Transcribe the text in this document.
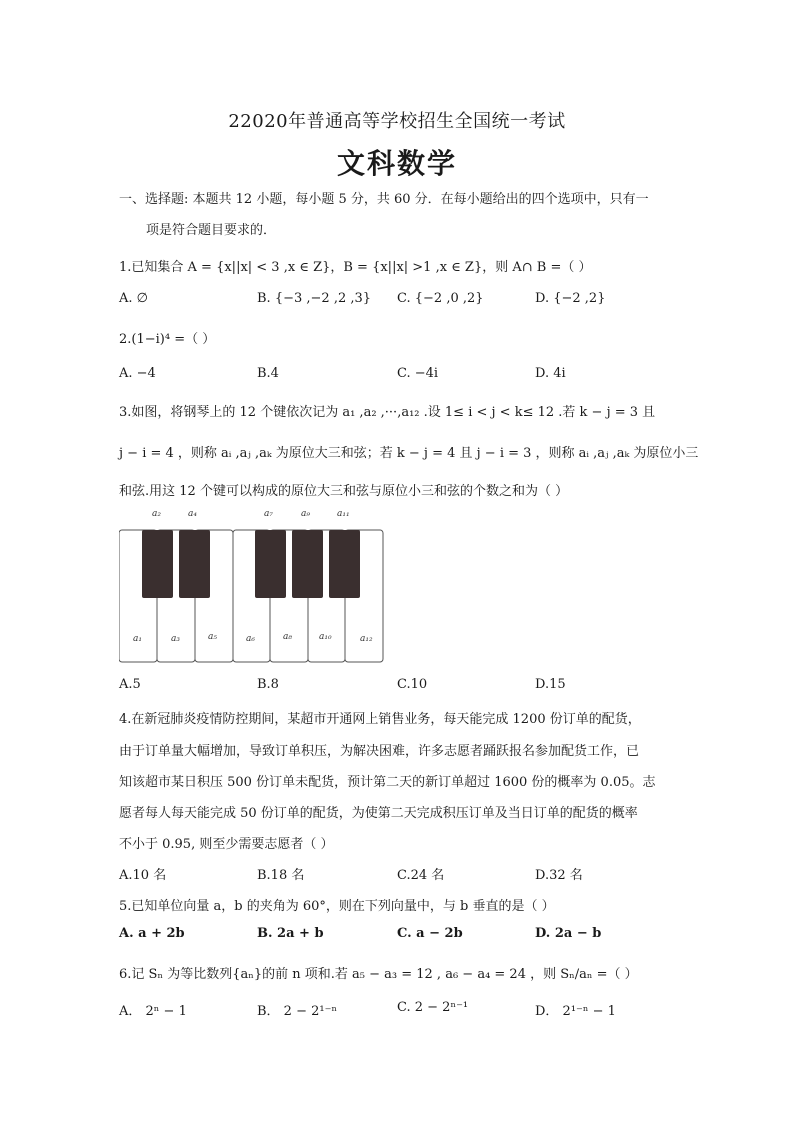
22020年普通高等学校招生全国统一考试
文科数学
一、选择题: 本题共 12 小题，每小题 5 分，共 60 分．在每小题给出的四个选项中，只有一
项是符合题目要求的．
1.已知集合 A = {x||x| < 3 ,x ∈ Z}，B = {x||x| >1 ,x ∈ Z}，则 A∩ B =（ ）
A. ∅	B. {−3 ,−2 ,2 ,3} C. {−2 ,0 ,2}	D. {−2 ,2}
2.(1−i)⁴ =（ ）
A. −4	B.4	C. −4i	D. 4i
3.如图，将钢琴上的 12 个键依次记为 a₁ ,a₂ ,···,a₁₂ .设 1≤ i < j < k≤ 12 .若 k − j = 3 且
j − i = 4 ，则称 aᵢ ,aⱼ ,aₖ 为原位大三和弦；若 k − j = 4 且 j − i = 3 ，则称 aᵢ ,aⱼ ,aₖ 为原位小三
和弦.用这 12 个键可以构成的原位大三和弦与原位小三和弦的个数之和为（ ）
a₂	a₄	a₇	a₉	a₁₁
a₁	a₃	a₅	a₆	a₈	a₁₀	a₁₂
A.5	B.8	C.10	D.15
4.在新冠肺炎疫情防控期间，某超市开通网上销售业务，每天能完成 1200 份订单的配货，
由于订单量大幅增加，导致订单积压，为解决困难，许多志愿者踊跃报名参加配货工作，已
知该超市某日积压 500 份订单未配货，预计第二天的新订单超过 1600 份的概率为 0.05。志
愿者每人每天能完成 50 份订单的配货，为使第二天完成积压订单及当日订单的配货的概率
不小于 0.95, 则至少需要志愿者（ ）
A.10 名	B.18 名	C.24 名	D.32 名
5.已知单位向量 a，b 的夹角为 60°，则在下列向量中，与 b 垂直的是（ ）
A. a + 2b	B. 2a + b	C. a − 2b	D. 2a − b
6.记 Sₙ 为等比数列{aₙ}的前 n 项和.若 a₅ − a₃ = 12 , a₆ − a₄ = 24 ，则 Sₙ/aₙ =（ ）
A． 2ⁿ − 1	B． 2 − 2¹⁻ⁿ	C. 2 − 2ⁿ⁻¹	D． 2¹⁻ⁿ − 1
